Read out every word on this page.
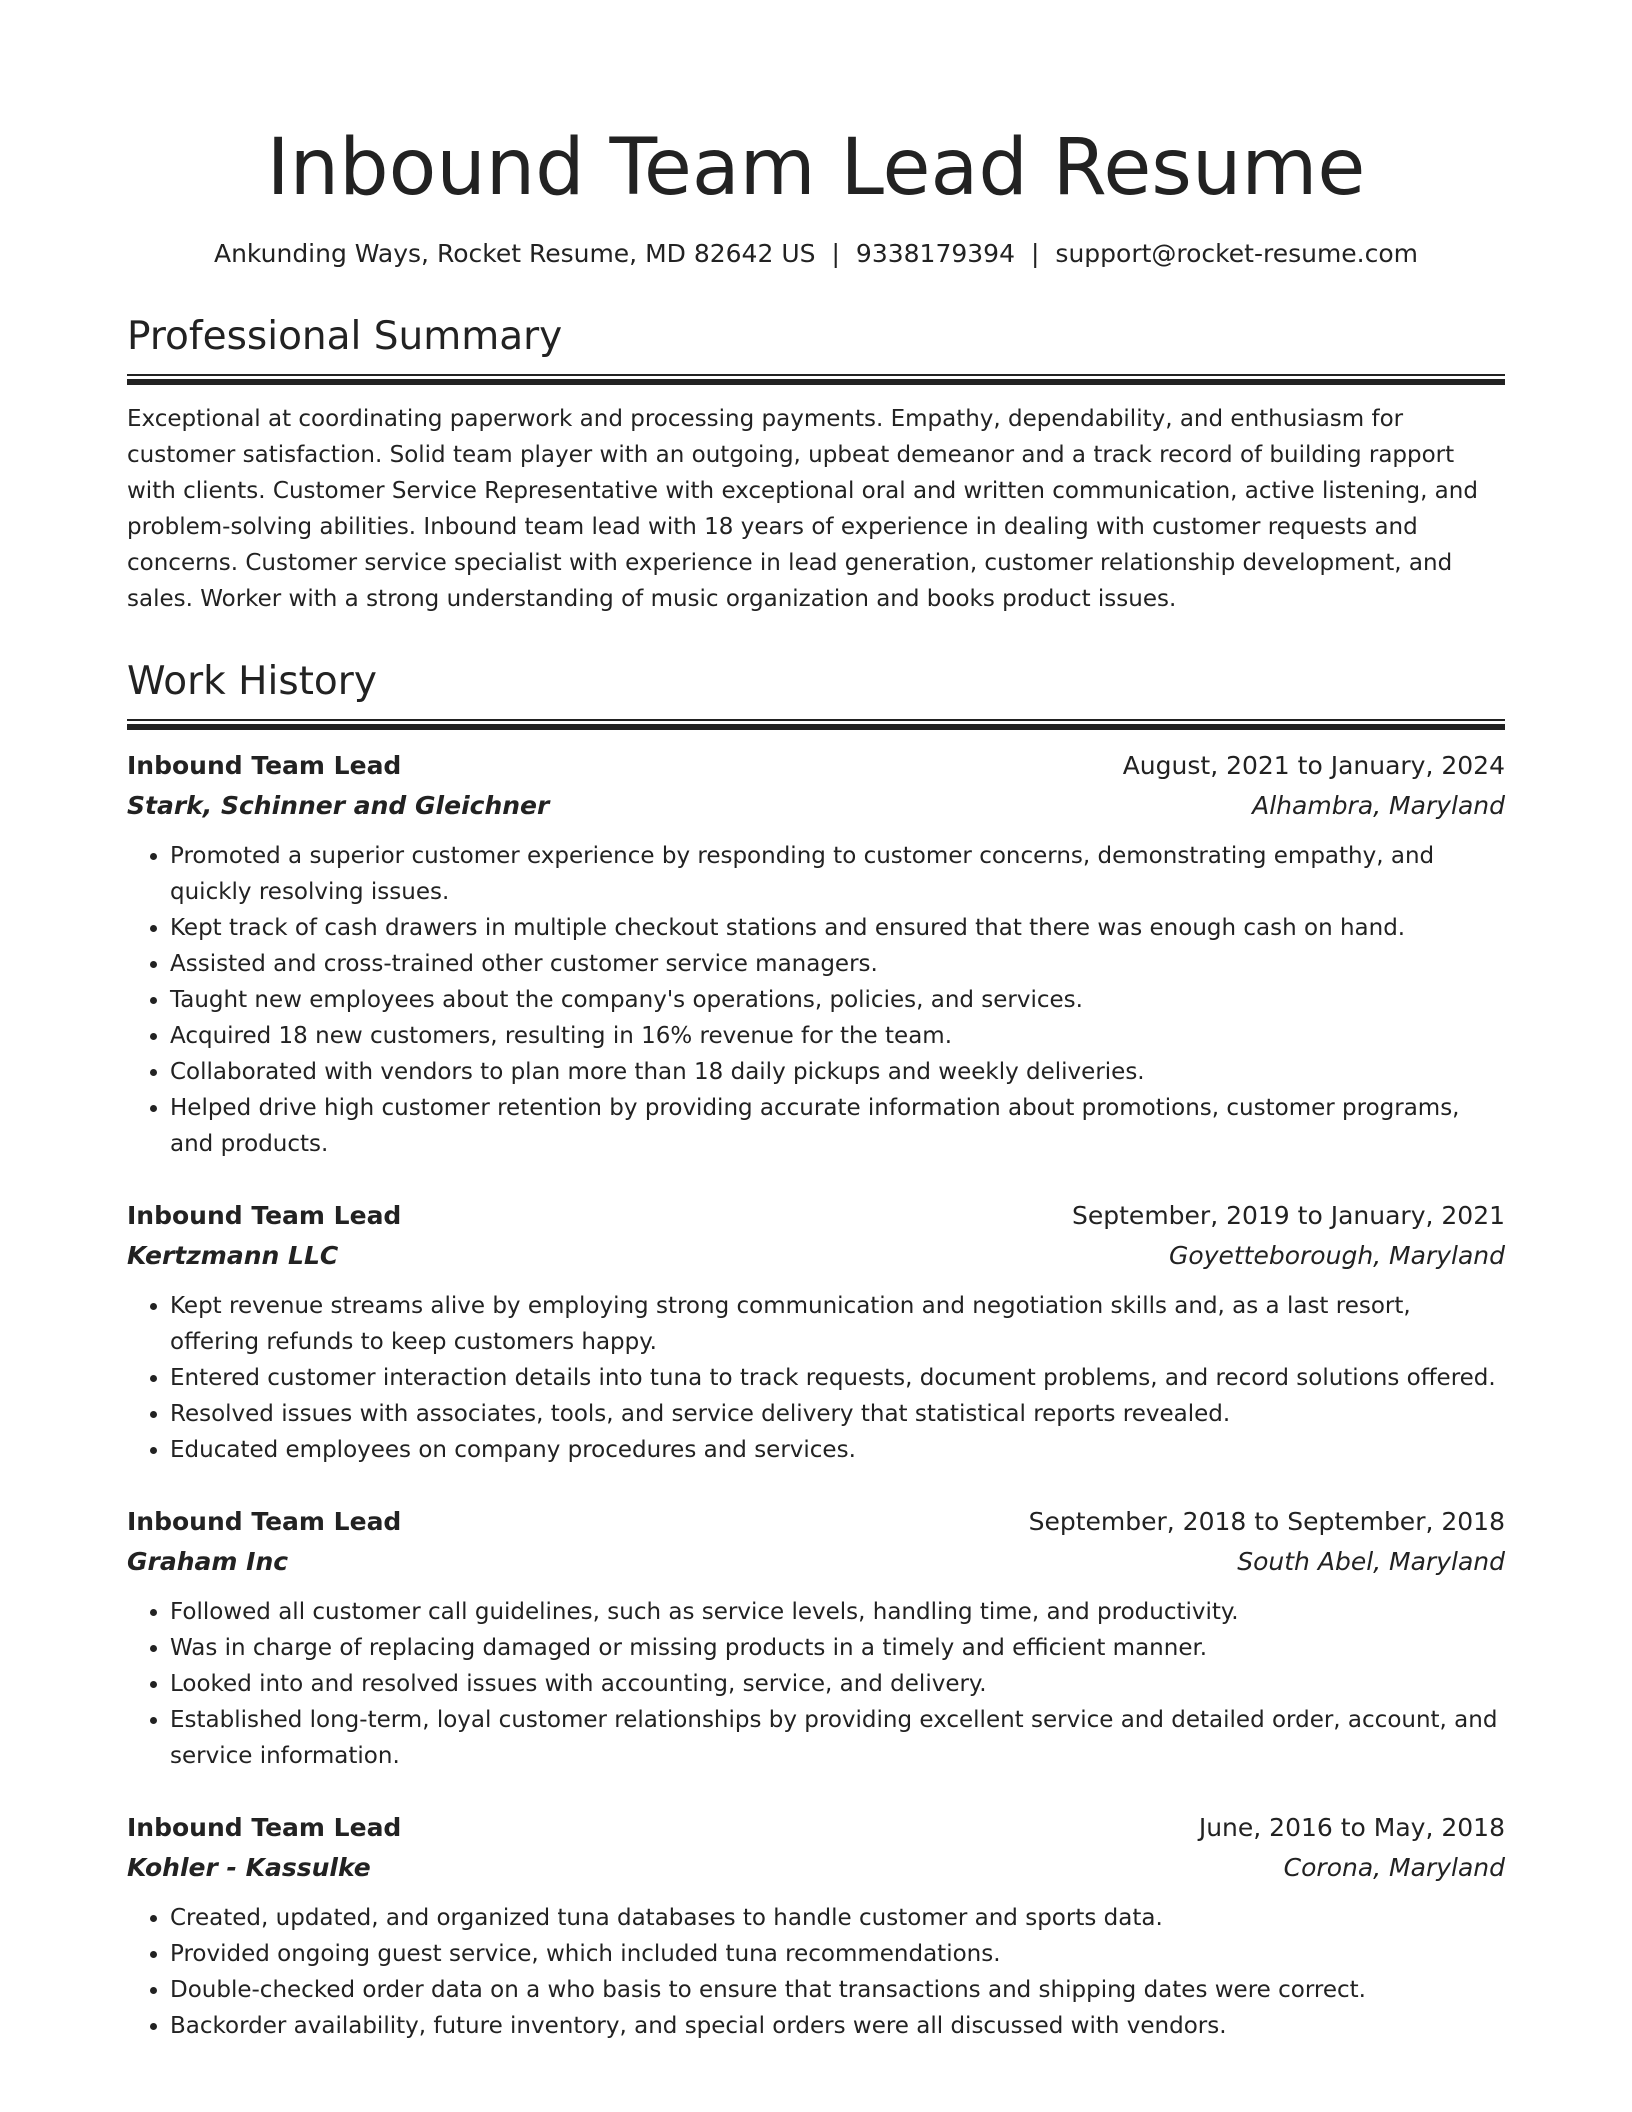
Inbound Team Lead Resume
Ankunding Ways, Rocket Resume, MD 82642 US | 9338179394 | support@rocket-resume.com
Professional Summary

Exceptional at coordinating paperwork and processing payments. Empathy, dependability, and enthusiasm for customer satisfaction. Solid team player with an outgoing, upbeat demeanor and a track record of building rapport with clients. Customer Service Representative with exceptional oral and written communication, active listening, and problem-solving abilities. Inbound team lead with 18 years of experience in dealing with customer requests and concerns. Customer service specialist with experience in lead generation, customer relationship development, and sales. Worker with a strong understanding of music organization and books product issues.

Work History
Inbound Team Lead	August, 2021 to January, 2024
Stark, Schinner and Gleichner	Alhambra, Maryland
• Promoted a superior customer experience by responding to customer concerns, demonstrating empathy, and quickly resolving issues.
• Kept track of cash drawers in multiple checkout stations and ensured that there was enough cash on hand.
• Assisted and cross-trained other customer service managers.
• Taught new employees about the company's operations, policies, and services.
• Acquired 18 new customers, resulting in 16% revenue for the team.
• Collaborated with vendors to plan more than 18 daily pickups and weekly deliveries.
• Helped drive high customer retention by providing accurate information about promotions, customer programs, and products.
Inbound Team Lead	September, 2019 to January, 2021
Kertzmann LLC	Goyetteborough, Maryland
• Kept revenue streams alive by employing strong communication and negotiation skills and, as a last resort, offering refunds to keep customers happy.
• Entered customer interaction details into tuna to track requests, document problems, and record solutions offered.
• Resolved issues with associates, tools, and service delivery that statistical reports revealed.
• Educated employees on company procedures and services.
Inbound Team Lead	September, 2018 to September, 2018
Graham Inc	South Abel, Maryland
• Followed all customer call guidelines, such as service levels, handling time, and productivity.
• Was in charge of replacing damaged or missing products in a timely and efficient manner.
• Looked into and resolved issues with accounting, service, and delivery.
• Established long-term, loyal customer relationships by providing excellent service and detailed order, account, and service information.
Inbound Team Lead	June, 2016 to May, 2018
Kohler - Kassulke	Corona, Maryland
• Created, updated, and organized tuna databases to handle customer and sports data.
• Provided ongoing guest service, which included tuna recommendations.
• Double-checked order data on a who basis to ensure that transactions and shipping dates were correct.
• Backorder availability, future inventory, and special orders were all discussed with vendors.
